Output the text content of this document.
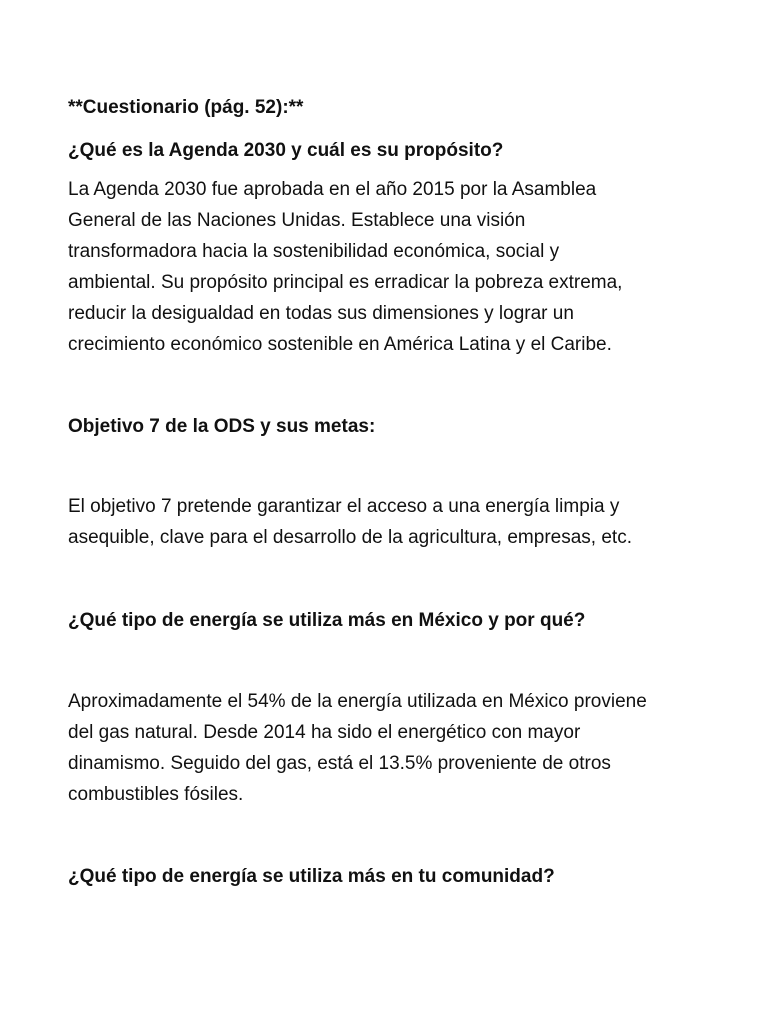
**Cuestionario (pág. 52):**

¿Qué es la Agenda 2030 y cuál es su propósito?

La Agenda 2030 fue aprobada en el año 2015 por la Asamblea
General de las Naciones Unidas. Establece una visión
transformadora hacia la sostenibilidad económica, social y
ambiental. Su propósito principal es erradicar la pobreza extrema,
reducir la desigualdad en todas sus dimensiones y lograr un
crecimiento económico sostenible en América Latina y el Caribe.

Objetivo 7 de la ODS y sus metas:

El objetivo 7 pretende garantizar el acceso a una energía limpia y
asequible, clave para el desarrollo de la agricultura, empresas, etc.

¿Qué tipo de energía se utiliza más en México y por qué?

Aproximadamente el 54% de la energía utilizada en México proviene
del gas natural. Desde 2014 ha sido el energético con mayor
dinamismo. Seguido del gas, está el 13.5% proveniente de otros
combustibles fósiles.

¿Qué tipo de energía se utiliza más en tu comunidad?
